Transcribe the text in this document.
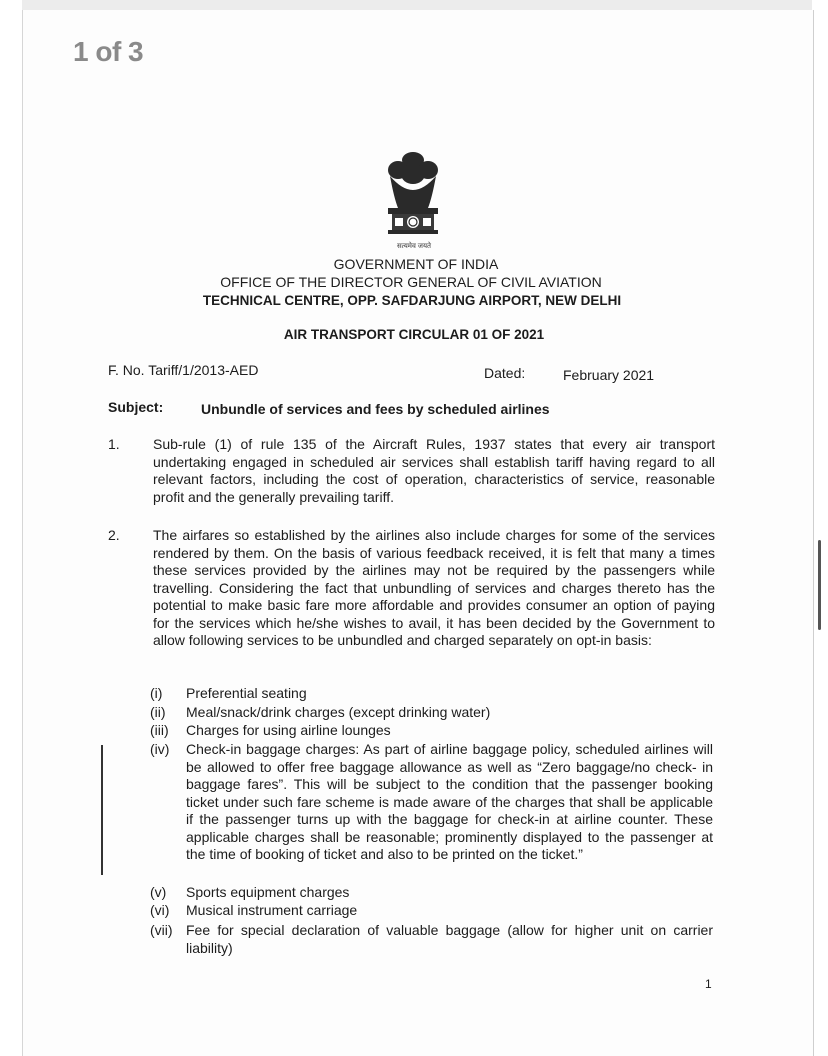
1 of 3
सत्यमेव जयते
GOVERNMENT OF INDIA
OFFICE OF THE DIRECTOR GENERAL OF CIVIL AVIATION
TECHNICAL CENTRE, OPP. SAFDARJUNG AIRPORT, NEW DELHI
AIR TRANSPORT CIRCULAR 01 OF 2021
F. No. Tariff/1/2013-AED	Dated:	February 2021
Subject:	Unbundle of services and fees by scheduled airlines
1. Sub-rule (1) of rule 135 of the Aircraft Rules, 1937 states that every air transport undertaking engaged in scheduled air services shall establish tariff having regard to all relevant factors, including the cost of operation, characteristics of service, reasonable profit and the generally prevailing tariff.
2. The airfares so established by the airlines also include charges for some of the services rendered by them. On the basis of various feedback received, it is felt that many a times these services provided by the airlines may not be required by the passengers while travelling. Considering the fact that unbundling of services and charges thereto has the potential to make basic fare more affordable and provides consumer an option of paying for the services which he/she wishes to avail, it has been decided by the Government to allow following services to be unbundled and charged separately on opt-in basis:
(i)	Preferential seating
(ii)	Meal/snack/drink charges (except drinking water)
(iii)	Charges for using airline lounges
(iv)	Check-in baggage charges: As part of airline baggage policy, scheduled airlines will be allowed to offer free baggage allowance as well as “Zero baggage/no check- in baggage fares”. This will be subject to the condition that the passenger booking ticket under such fare scheme is made aware of the charges that shall be applicable if the passenger turns up with the baggage for check-in at airline counter. These applicable charges shall be reasonable; prominently displayed to the passenger at the time of booking of ticket and also to be printed on the ticket.”
(v)	Sports equipment charges
(vi)	Musical instrument carriage
(vii) Fee for special declaration of valuable baggage (allow for higher unit on carrier liability)
1
